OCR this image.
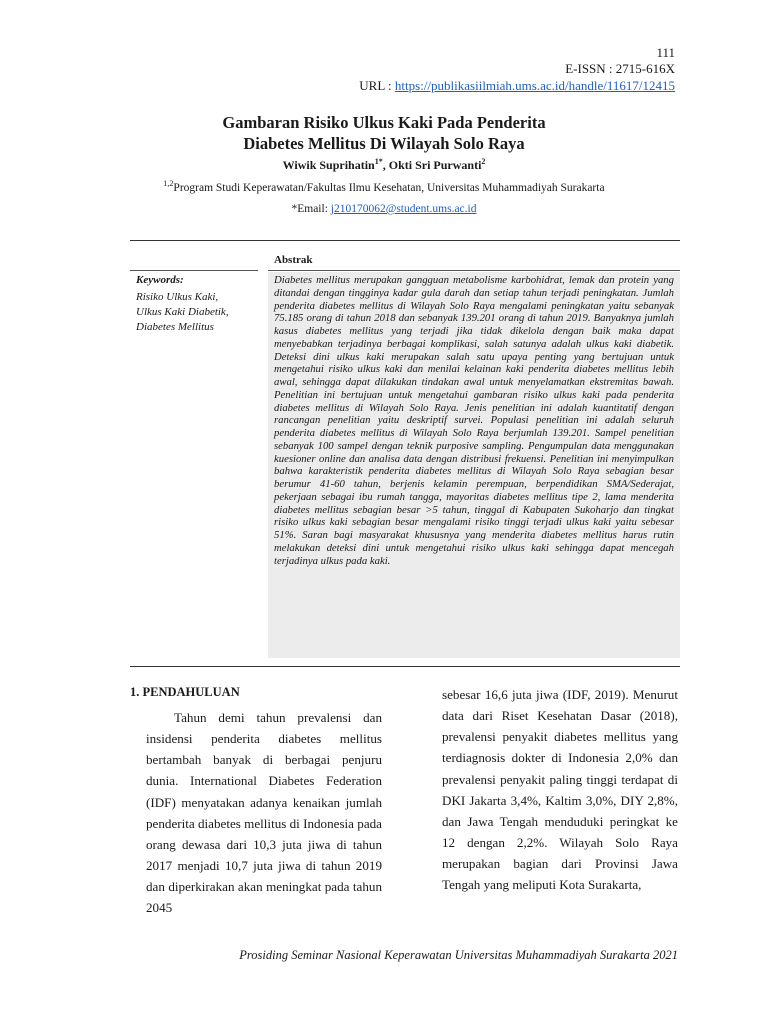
111
E-ISSN : 2715-616X
URL : https://publikasiilmiah.ums.ac.id/handle/11617/12415
Gambaran Risiko Ulkus Kaki Pada Penderita
Diabetes Mellitus Di Wilayah Solo Raya
Wiwik Suprihatin$^{1*}$, Okti Sri Purwanti$^2$
$^{1,2}$Program Studi Keperawatan/Fakultas Ilmu Kesehatan, Universitas Muhammadiyah Surakarta
*Email: j210170062@student.ums.ac.id
Abstrak
Keywords:
Risiko Ulkus Kaki,
Ulkus Kaki Diabetik,
Diabetes Mellitus
Diabetes mellitus merupakan gangguan metabolisme karbohidrat, lemak dan protein yang ditandai dengan tingginya kadar gula darah dan setiap tahun terjadi peningkatan. Jumlah penderita diabetes mellitus di Wilayah Solo Raya mengalami peningkatan yaitu sebanyak 75.185 orang di tahun 2018 dan sebanyak 139.201 orang di tahun 2019. Banyaknya jumlah kasus diabetes mellitus yang terjadi jika tidak dikelola dengan baik maka dapat menyebabkan terjadinya berbagai komplikasi, salah satunya adalah ulkus kaki diabetik. Deteksi dini ulkus kaki merupakan salah satu upaya penting yang bertujuan untuk mengetahui risiko ulkus kaki dan menilai kelainan kaki penderita diabetes mellitus lebih awal, sehingga dapat dilakukan tindakan awal untuk menyelamatkan ekstremitas bawah. Penelitian ini bertujuan untuk mengetahui gambaran risiko ulkus kaki pada penderita diabetes mellitus di Wilayah Solo Raya. Jenis penelitian ini adalah kuantitatif dengan rancangan penelitian yaitu deskriptif survei. Populasi penelitian ini adalah seluruh penderita diabetes mellitus di Wilayah Solo Raya berjumlah 139.201. Sampel penelitian sebanyak 100 sampel dengan teknik purposive sampling. Pengumpulan data menggunakan kuesioner online dan analisa data dengan distribusi frekuensi. Penelitian ini menyimpulkan bahwa karakteristik penderita diabetes mellitus di Wilayah Solo Raya sebagian besar berumur 41-60 tahun, berjenis kelamin perempuan, berpendidikan SMA/Sederajat, pekerjaan sebagai ibu rumah tangga, mayoritas diabetes mellitus tipe 2, lama menderita diabetes mellitus sebagian besar >5 tahun, tinggal di Kabupaten Sukoharjo dan tingkat risiko ulkus kaki sebagian besar mengalami risiko tinggi terjadi ulkus kaki yaitu sebesar 51%. Saran bagi masyarakat khususnya yang menderita diabetes mellitus harus rutin melakukan deteksi dini untuk mengetahui risiko ulkus kaki sehingga dapat mencegah terjadinya ulkus pada kaki.
1. PENDAHULUAN
Tahun demi tahun prevalensi dan insidensi penderita diabetes mellitus bertambah banyak di berbagai penjuru dunia. International Diabetes Federation (IDF) menyatakan adanya kenaikan jumlah penderita diabetes mellitus di Indonesia pada orang dewasa dari 10,3 juta jiwa di tahun 2017 menjadi 10,7 juta jiwa di tahun 2019 dan diperkirakan akan meningkat pada tahun 2045
sebesar 16,6 juta jiwa (IDF, 2019). Menurut data dari Riset Kesehatan Dasar (2018), prevalensi penyakit diabetes mellitus yang terdiagnosis dokter di Indonesia 2,0% dan prevalensi penyakit paling tinggi terdapat di DKI Jakarta 3,4%, Kaltim 3,0%, DIY 2,8%, dan Jawa Tengah menduduki peringkat ke 12 dengan 2,2%. Wilayah Solo Raya merupakan bagian dari Provinsi Jawa Tengah yang meliputi Kota Surakarta,
Prosiding Seminar Nasional Keperawatan Universitas Muhammadiyah Surakarta 2021
